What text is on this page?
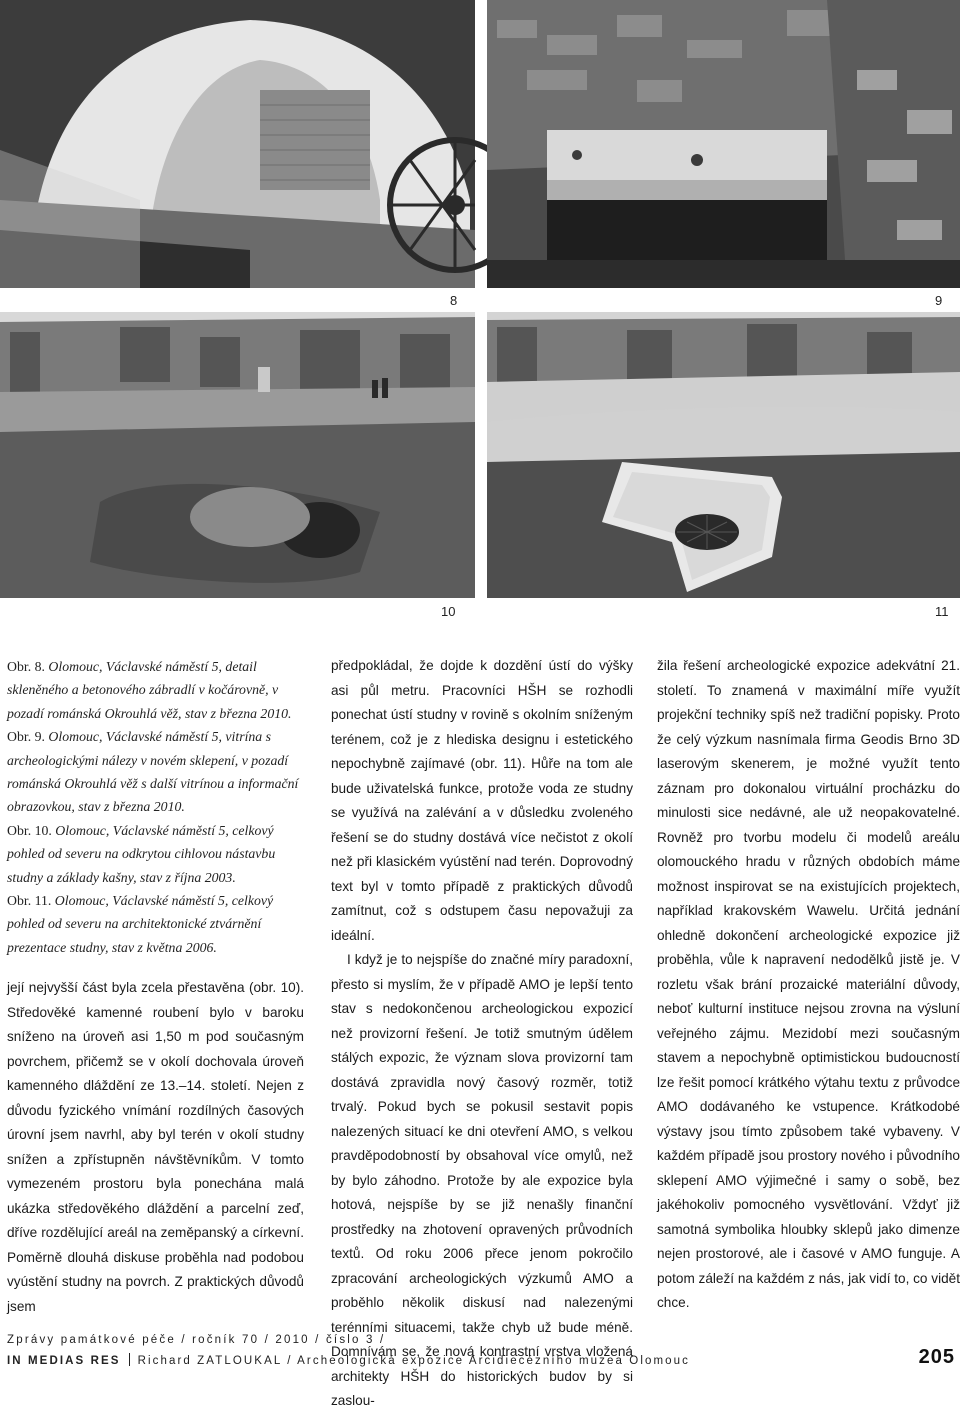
8	9
10	11

Obr. 8. Olomouc, Václavské náměstí 5, detail skleněného a betonového zábradlí v kočárovně, v pozadí románská Okrouhlá věž, stav z března 2010.

Obr. 9. Olomouc, Václavské náměstí 5, vitrína s archeologickými nálezy v novém sklepení, v pozadí románská Okrouhlá věž s další vitrínou a informační obrazovkou, stav z března 2010.

Obr. 10. Olomouc, Václavské náměstí 5, celkový pohled od severu na odkrytou cihlovou nástavbu studny a základy kašny, stav z října 2003.

Obr. 11. Olomouc, Václavské náměstí 5, celkový pohled od severu na architektonické ztvárnění prezentace studny, stav z května 2006.

její nejvyšší část byla zcela přestavěna (obr. 10). Středověké kamenné roubení bylo v baroku sníženo na úroveň asi 1,50 m pod současným povrchem, přičemž se v okolí dochovala úroveň kamenného dláždění ze 13.–14. století. Nejen z důvodu fyzického vnímání rozdílných časových úrovní jsem navrhl, aby byl terén v okolí studny snížen a zpřístupněn návštěvníkům. V tomto vymezeném prostoru byla ponechána malá ukázka středověkého dláždění a parcelní zeď, dříve rozdělující areál na zeměpanský a církevní. Poměrně dlouhá diskuse proběhla nad podobou vyústění studny na povrch. Z praktických důvodů jsem

předpokládal, že dojde k dozdění ústí do výšky asi půl metru. Pracovníci HŠH se rozhodli ponechat ústí studny v rovině s okolním sníženým terénem, což je z hlediska designu i estetického nepochybně zajímavé (obr. 11). Hůře na tom ale bude uživatelská funkce, protože voda ze studny se využívá na zalévání a v důsledku zvoleného řešení se do studny dostává více nečistot z okolí než při klasickém vyústění nad terén. Doprovodný text byl v tomto případě z praktických důvodů zamítnut, což s odstupem času nepovažuji za ideální.

I když je to nejspíše do značné míry paradoxní, přesto si myslím, že v případě AMO je lepší tento stav s nedokončenou archeologickou expozicí než provizorní řešení. Je totiž smutným údělem stálých expozic, že význam slova provizorní tam dostává zpravidla nový časový rozměr, totiž trvalý. Pokud bych se pokusil sestavit popis nalezených situací ke dni otevření AMO, s velkou pravděpodobností by obsahoval více omylů, než by bylo záhodno. Protože by ale expozice byla hotová, nejspíše by se již nenašly finanční prostředky na zhotovení opravených průvodních textů. Od roku 2006 přece jenom pokročilo zpracování archeologických výzkumů AMO a proběhlo několik diskusí nad nalezenými terénními situacemi, takže chyb už bude méně. Domnívám se, že nová kontrastní vrstva vložená architekty HŠH do historických budov by si zaslou-

žila řešení archeologické expozice adekvátní 21. století. To znamená v maximální míře využít projekční techniky spíš než tradiční popisky. Proto že celý výzkum nasnímala firma Geodis Brno 3D laserovým skenerem, je možné využít tento záznam pro dokonalou virtuální procházku do minulosti sice nedávné, ale už neopakovatelné. Rovněž pro tvorbu modelu či modelů areálu olomouckého hradu v různých obdobích máme možnost inspirovat se na existujících projektech, například krakovském Wawelu. Určitá jednání ohledně dokončení archeologické expozice již proběhla, vůle k napravení nedodělků jistě je. V rozletu však brání prozaické materiální důvody, neboť kulturní instituce nejsou zrovna na výsluní veřejného zájmu. Mezidobí mezi současným stavem a nepochybně optimistickou budoucností lze řešit pomocí krátkého výtahu textu z průvodce AMO dodávaného ke vstupence. Krátkodobé výstavy jsou tímto způsobem také vybaveny. V každém případě jsou prostory nového i původního sklepení AMO výjimečné i samy o sobě, bez jakéhokoliv pomocného vysvětlování. Vždyť již samotná symbolika hloubky sklepů jako dimenze nejen prostorové, ale i časové v AMO funguje. A potom záleží na každém z nás, jak vidí to, co vidět chce.

Zprávy památkové péče / ročník 70 / 2010 / číslo 3 /
IN MEDIAS RES Richard ZATLOUKAL / Archeologická expozice Arcidiecézního muzea Olomouc	205
